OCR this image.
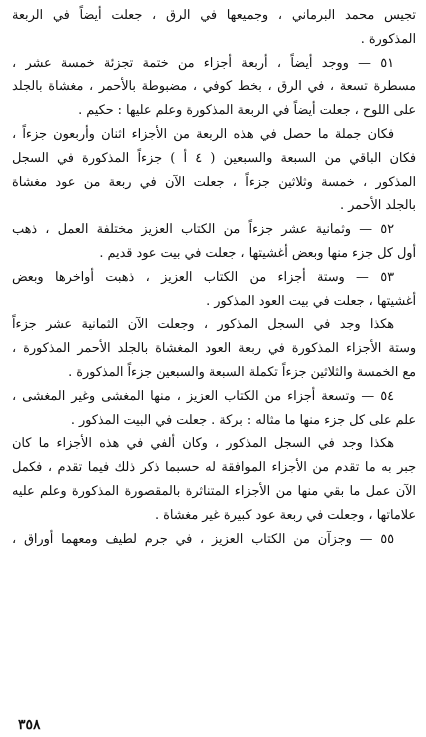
تجيس محمد البرماني ، وجميعها في الرق ، جعلت أيضاً في الربعة
المذكورة .
٥١ — ووجد أيضاً ، أربعة أجزاء من ختمة تجزئة خمسة عشر ،
مسطرة تسعة ، في الرق ، بخط كوفي ، مضبوطة بالأحمر ، مغشاة بالجلد
على اللوح ، جعلت أيضاً في الربعة المذكورة وعلم عليها : حكيم .
فكان جملة ما حصل في هذه الربعة من الأجزاء اثنان وأربعون جزءاً ،
فكان الباقي من السبعة والسبعين ( ٤ أ ) جزءاً المذكورة في السجل
المذكور ، خمسة وثلاثين جزءاً ، جعلت الآن في ربعة من عود مغشاة
بالجلد الأحمر .
٥٢ — وثمانية عشر جزءاً من الكتاب العزيز مختلفة العمل ، ذهب
أول كل جزء منها وبعض أغشيتها ، جعلت في بيت عود قديم .
٥٣ — وستة أجزاء من الكتاب العزيز ، ذهبت أواخرها وبعض
أغشيتها ، جعلت في بيت العود المذكور .
هكذا وجد في السجل المذكور ، وجعلت الآن الثمانية عشر جزءاً
وستة الأجزاء المذكورة في ربعة العود المغشاة بالجلد الأحمر المذكورة ،
مع الخمسة والثلاثين جزءاً تكملة السبعة والسبعين جزءاً المذكورة .
٥٤ — وتسعة أجزاء من الكتاب العزيز ، منها المغشى وغير المغشى ،
علم على كل جزء منها ما مثاله : بركة . جعلت في البيت المذكور .
هكذا وجد في السجل المذكور ، وكان ألفي في هذه الأجزاء ما كان
جبر به ما تقدم من الأجزاء الموافقة له حسبما ذكر ذلك فيما تقدم ، فكمل
الآن عمل ما بقي منها من الأجزاء المتناثرة بالمقصورة المذكورة وعلم عليه
علاماتها ، وجعلت في ربعة عود كبيرة غير مغشاة .
٥٥ — وجزآن من الكتاب العزيز ، في جرم لطيف ومعهما أوراق ،
٣٥٨
